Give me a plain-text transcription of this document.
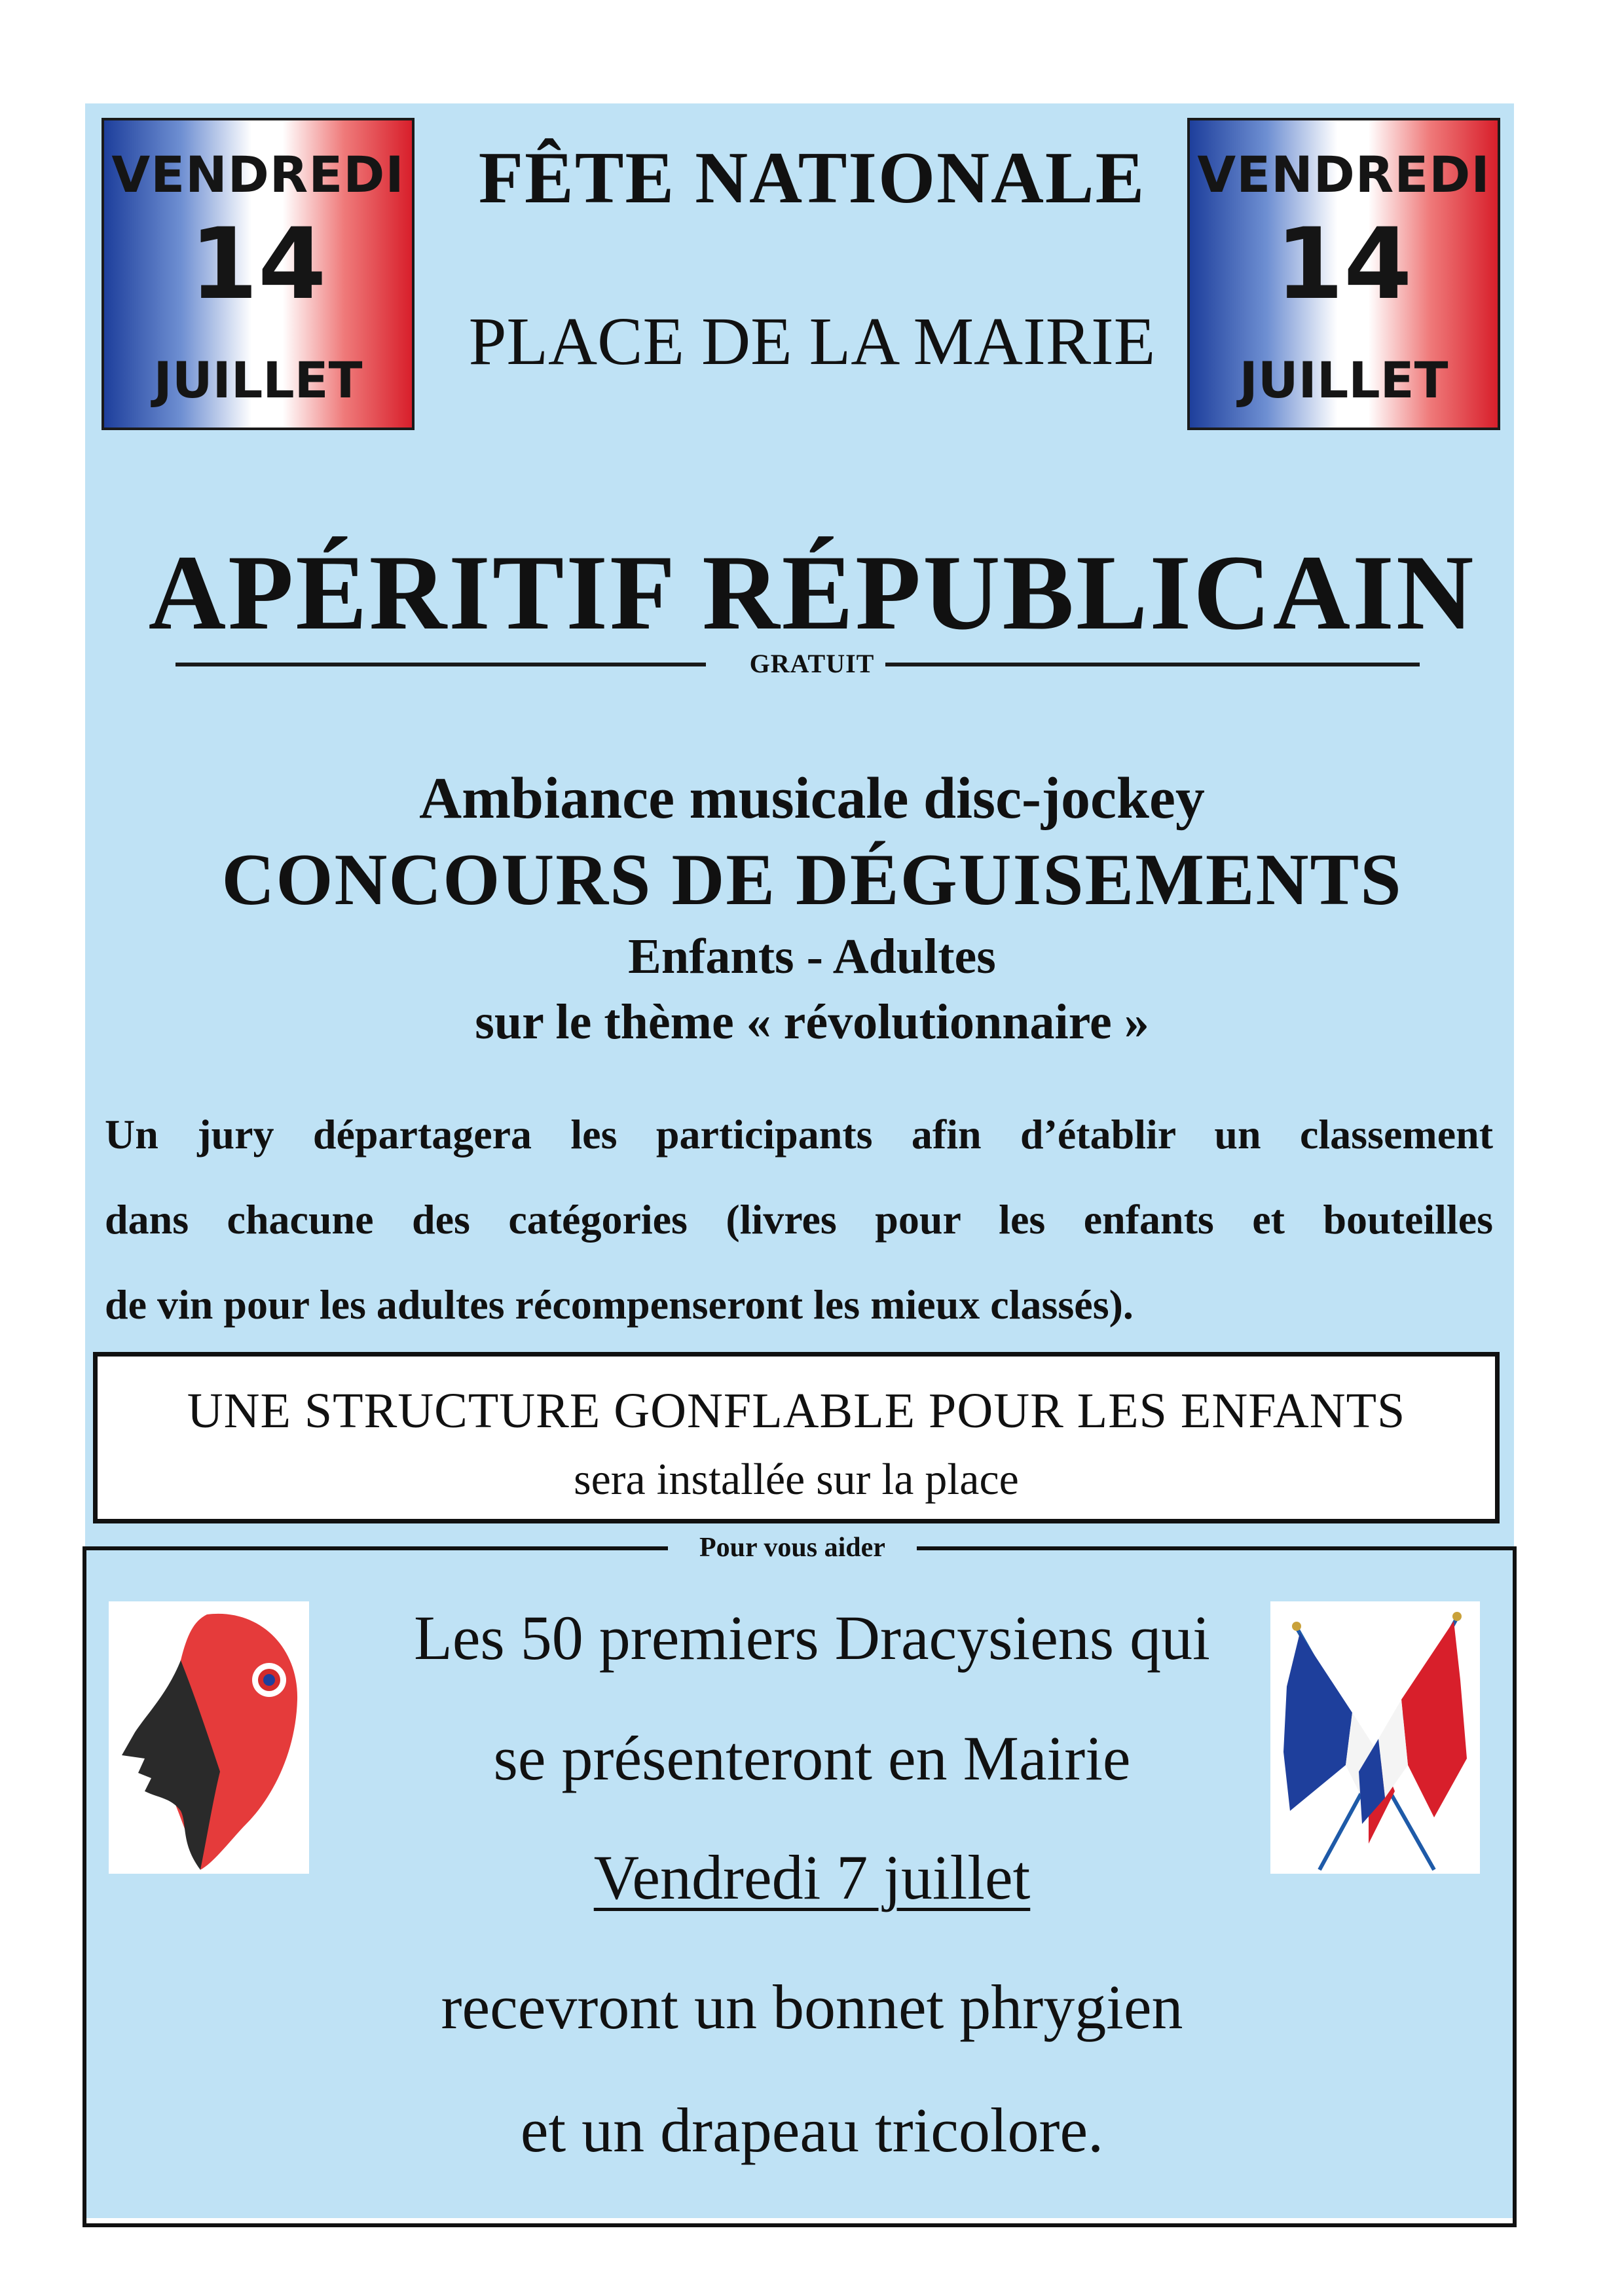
VENDREDI
14
JUILLET
VENDREDI
14
JUILLET
FÊTE NATIONALE
PLACE DE LA MAIRIE
APÉRITIF RÉPUBLICAIN
GRATUIT
Ambiance musicale disc-jockey
CONCOURS DE DÉGUISEMENTS
Enfants - Adultes
sur le thème « révolutionnaire »
Un jury départagera les participants afin d’établir un classement
dans chacune des catégories (livres pour les enfants et bouteilles
de vin pour les adultes récompenseront les mieux classés).
UNE STRUCTURE GONFLABLE POUR LES ENFANTS
sera installée sur la place
Pour vous aider
Les 50 premiers Dracysiens qui
se présenteront en Mairie
Vendredi 7 juillet
recevront un bonnet phrygien
et un drapeau tricolore.
